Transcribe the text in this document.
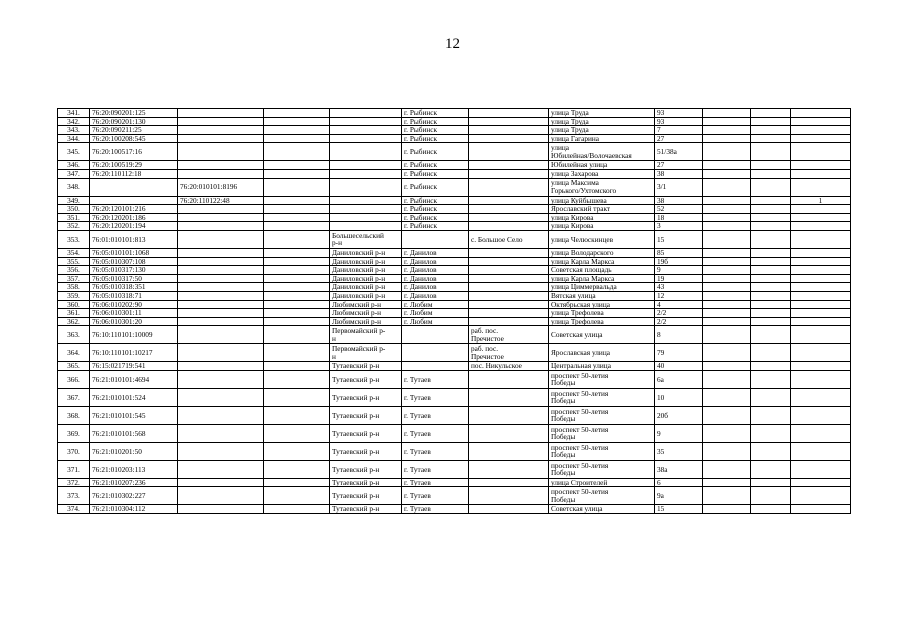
12
341.	76:20:090201:125				г. Рыбинск		улица Труда	93			
342.	76:20:090201:130				г. Рыбинск		улица Труда	93			
343.	76:20:090211:25				г. Рыбинск		улица Труда	7			
344.	76:20:100208:545				г. Рыбинск		улица Гагарина	27			
345.	76:20:100517:16				г. Рыбинск		улица
Юбилейная/Волочаевская	51/38а			
346.	76:20:100519:29				г. Рыбинск		Юбилейная улица	27			
347.	76:20:110112:18				г. Рыбинск		улица Захарова	38			
348.		76:20:010101:8196			г. Рыбинск		улица Максима
Горького/Ухтомского	3/1			
349.		76:20:110122:48			г. Рыбинск		улица Куйбышева	38			1
350.	76:20:120101:216				г. Рыбинск		Ярославский тракт	52			
351.	76:20:120201:186				г. Рыбинск		улица Кирова	18			
352.	76:20:120201:194				г. Рыбинск		улица Кирова	3			
353.	76:01:010101:813			Большесельский
р-н		с. Большое Село	улица Челюскинцев	15			
354.	76:05:010101:1068			Даниловский р-н	г. Данилов		улица Володарского	85			
355.	76:05:010307:108			Даниловский р-н	г. Данилов		улица Карла Маркса	19б			
356.	76:05:010317:130			Даниловский р-н	г. Данилов		Советская площадь	9			
357.	76:05:010317:50			Даниловский р-н	г. Данилов		улица Карла Маркса	19			
358.	76:05:010318:351			Даниловский р-н	г. Данилов		улица Циммервальда	43			
359.	76:05:010318:71			Даниловский р-н	г. Данилов		Вятская улица	12			
360.	76:06:010202:90			Любимский р-н	г. Любим		Октябрьская улица	4			
361.	76:06:010301:11			Любимский р-н	г. Любим		улица Трефолева	2/2			
362.	76:06:010301:20			Любимский р-н	г. Любим		улица Трефолева	2/2			
363.	76:10:110101:10009			Первомайский р-
н		раб. пос.
Пречистое	Советская улица	8			
364.	76:10:110101:10217			Первомайский р-
н		раб. пос.
Пречистое	Ярославская улица	79			
365.	76:15:021719:541			Тутаевский р-н		пос. Никульское	Центральная улица	40			
366.	76:21:010101:4694			Тутаевский р-н	г. Тутаев		проспект 50-летия
Победы	6а			
367.	76:21:010101:524			Тутаевский р-н	г. Тутаев		проспект 50-летия
Победы	10			
368.	76:21:010101:545			Тутаевский р-н	г. Тутаев		проспект 50-летия
Победы	20б			
369.	76:21:010101:568			Тутаевский р-н	г. Тутаев		проспект 50-летия
Победы	9			
370.	76:21:010201:50			Тутаевский р-н	г. Тутаев		проспект 50-летия
Победы	35			
371.	76:21:010203:113			Тутаевский р-н	г. Тутаев		проспект 50-летия
Победы	38а			
372.	76:21:010207:236			Тутаевский р-н	г. Тутаев		улица Строителей	6			
373.	76:21:010302:227			Тутаевский р-н	г. Тутаев		проспект 50-летия
Победы	9а			
374.	76:21:010304:112			Тутаевский р-н	г. Тутаев		Советская улица	15			
